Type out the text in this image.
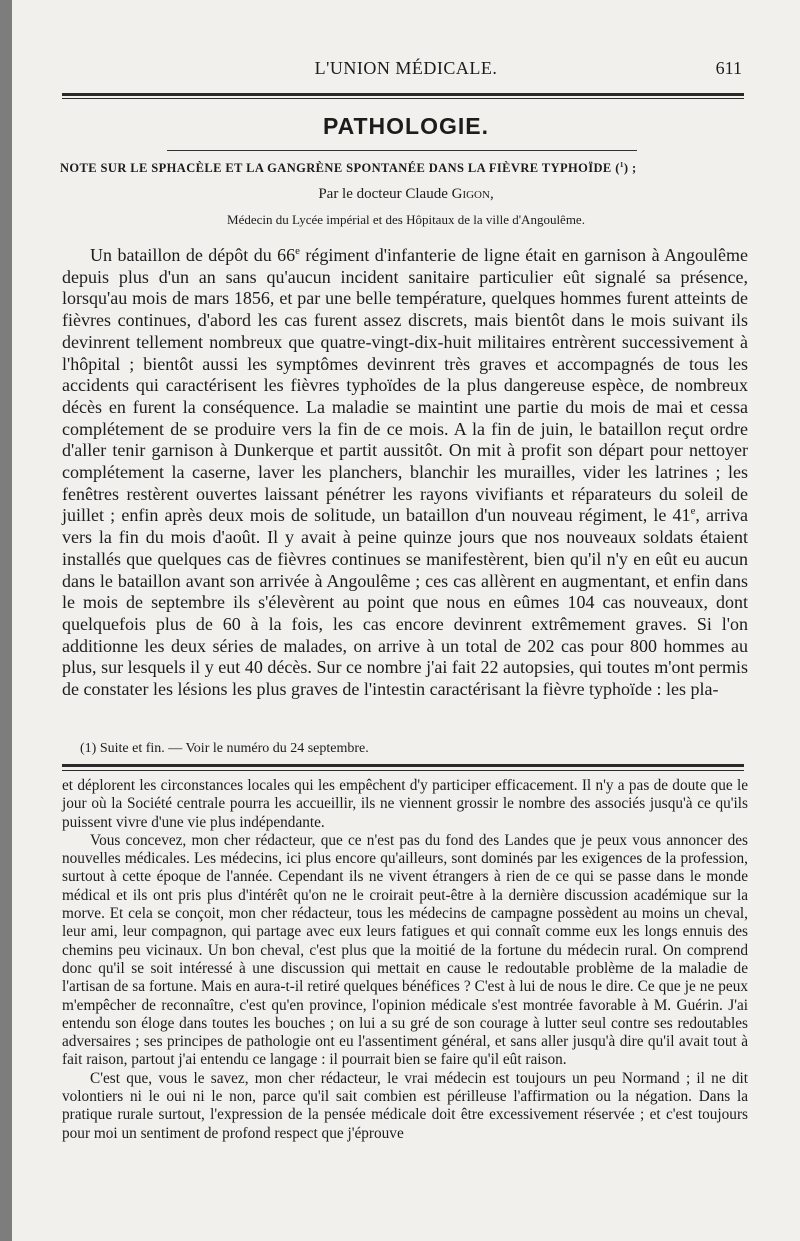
L'UNION MÉDICALE.	611
PATHOLOGIE.
NOTE SUR LE SPHACÈLE ET LA GANGRÈNE SPONTANÉE DANS LA FIÈVRE TYPHOÏDE ($^1$) ;
Par le docteur Claude Gigon,
Médecin du Lycée impérial et des Hôpitaux de la ville d'Angoulême.

Un bataillon de dépôt du 66e régiment d'infanterie de ligne était en garnison à Angoulême depuis plus d'un an sans qu'aucun incident sanitaire particulier eût signalé sa présence, lorsqu'au mois de mars 1856, et par une belle température, quelques hommes furent atteints de fièvres continues, d'abord les cas furent assez discrets, mais bientôt dans le mois suivant ils devinrent tellement nombreux que quatre-vingt-dix-huit militaires entrèrent successivement à l'hôpital ; bientôt aussi les symptômes devinrent très graves et accompagnés de tous les accidents qui caractérisent les fièvres typhoïdes de la plus dangereuse espèce, de nombreux décès en furent la conséquence. La maladie se maintint une partie du mois de mai et cessa complétement de se produire vers la fin de ce mois. A la fin de juin, le bataillon reçut ordre d'aller tenir garnison à Dunkerque et partit aussitôt. On mit à profit son départ pour nettoyer complétement la caserne, laver les planchers, blanchir les murailles, vider les latrines ; les fenêtres restèrent ouvertes laissant pénétrer les rayons vivifiants et réparateurs du soleil de juillet ; enfin après deux mois de solitude, un bataillon d'un nouveau régiment, le 41e, arriva vers la fin du mois d'août. Il y avait à peine quinze jours que nos nouveaux soldats étaient installés que quelques cas de fièvres continues se manifestèrent, bien qu'il n'y en eût eu aucun dans le bataillon avant son arrivée à Angoulême ; ces cas allèrent en augmentant, et enfin dans le mois de septembre ils s'élevèrent au point que nous en eûmes 104 cas nouveaux, dont quelquefois plus de 60 à la fois, les cas encore devinrent extrêmement graves. Si l'on additionne les deux séries de malades, on arrive à un total de 202 cas pour 800 hommes au plus, sur lesquels il y eut 40 décès. Sur ce nombre j'ai fait 22 autopsies, qui toutes m'ont permis de constater les lésions les plus graves de l'intestin caractérisant la fièvre typhoïde : les pla-

(1) Suite et fin. — Voir le numéro du 24 septembre.

et déplorent les circonstances locales qui les empêchent d'y participer efficacement. Il n'y a pas de doute que le jour où la Société centrale pourra les accueillir, ils ne viennent grossir le nombre des associés jusqu'à ce qu'ils puissent vivre d'une vie plus indépendante.

Vous concevez, mon cher rédacteur, que ce n'est pas du fond des Landes que je peux vous annoncer des nouvelles médicales. Les médecins, ici plus encore qu'ailleurs, sont dominés par les exigences de la profession, surtout à cette époque de l'année. Cependant ils ne vivent étrangers à rien de ce qui se passe dans le monde médical et ils ont pris plus d'intérêt qu'on ne le croirait peut-être à la dernière discussion académique sur la morve. Et cela se conçoit, mon cher rédacteur, tous les médecins de campagne possèdent au moins un cheval, leur ami, leur compagnon, qui partage avec eux leurs fatigues et qui connaît comme eux les longs ennuis des chemins peu vicinaux. Un bon cheval, c'est plus que la moitié de la fortune du médecin rural. On comprend donc qu'il se soit intéressé à une discussion qui mettait en cause le redoutable problème de la maladie de l'artisan de sa fortune. Mais en aura-t-il retiré quelques bénéfices ? C'est à lui de nous le dire. Ce que je ne peux m'empêcher de reconnaître, c'est qu'en province, l'opinion médicale s'est montrée favorable à M. Guérin. J'ai entendu son éloge dans toutes les bouches ; on lui a su gré de son courage à lutter seul contre ses redoutables adversaires ; ses principes de pathologie ont eu l'assentiment général, et sans aller jusqu'à dire qu'il avait tout à fait raison, partout j'ai entendu ce langage : il pourrait bien se faire qu'il eût raison.

C'est que, vous le savez, mon cher rédacteur, le vrai médecin est toujours un peu Normand ; il ne dit volontiers ni le oui ni le non, parce qu'il sait combien est périlleuse l'affirmation ou la négation. Dans la pratique rurale surtout, l'expression de la pensée médicale doit être excessivement réservée ; et c'est toujours pour moi un sentiment de profond respect que j'éprouve
